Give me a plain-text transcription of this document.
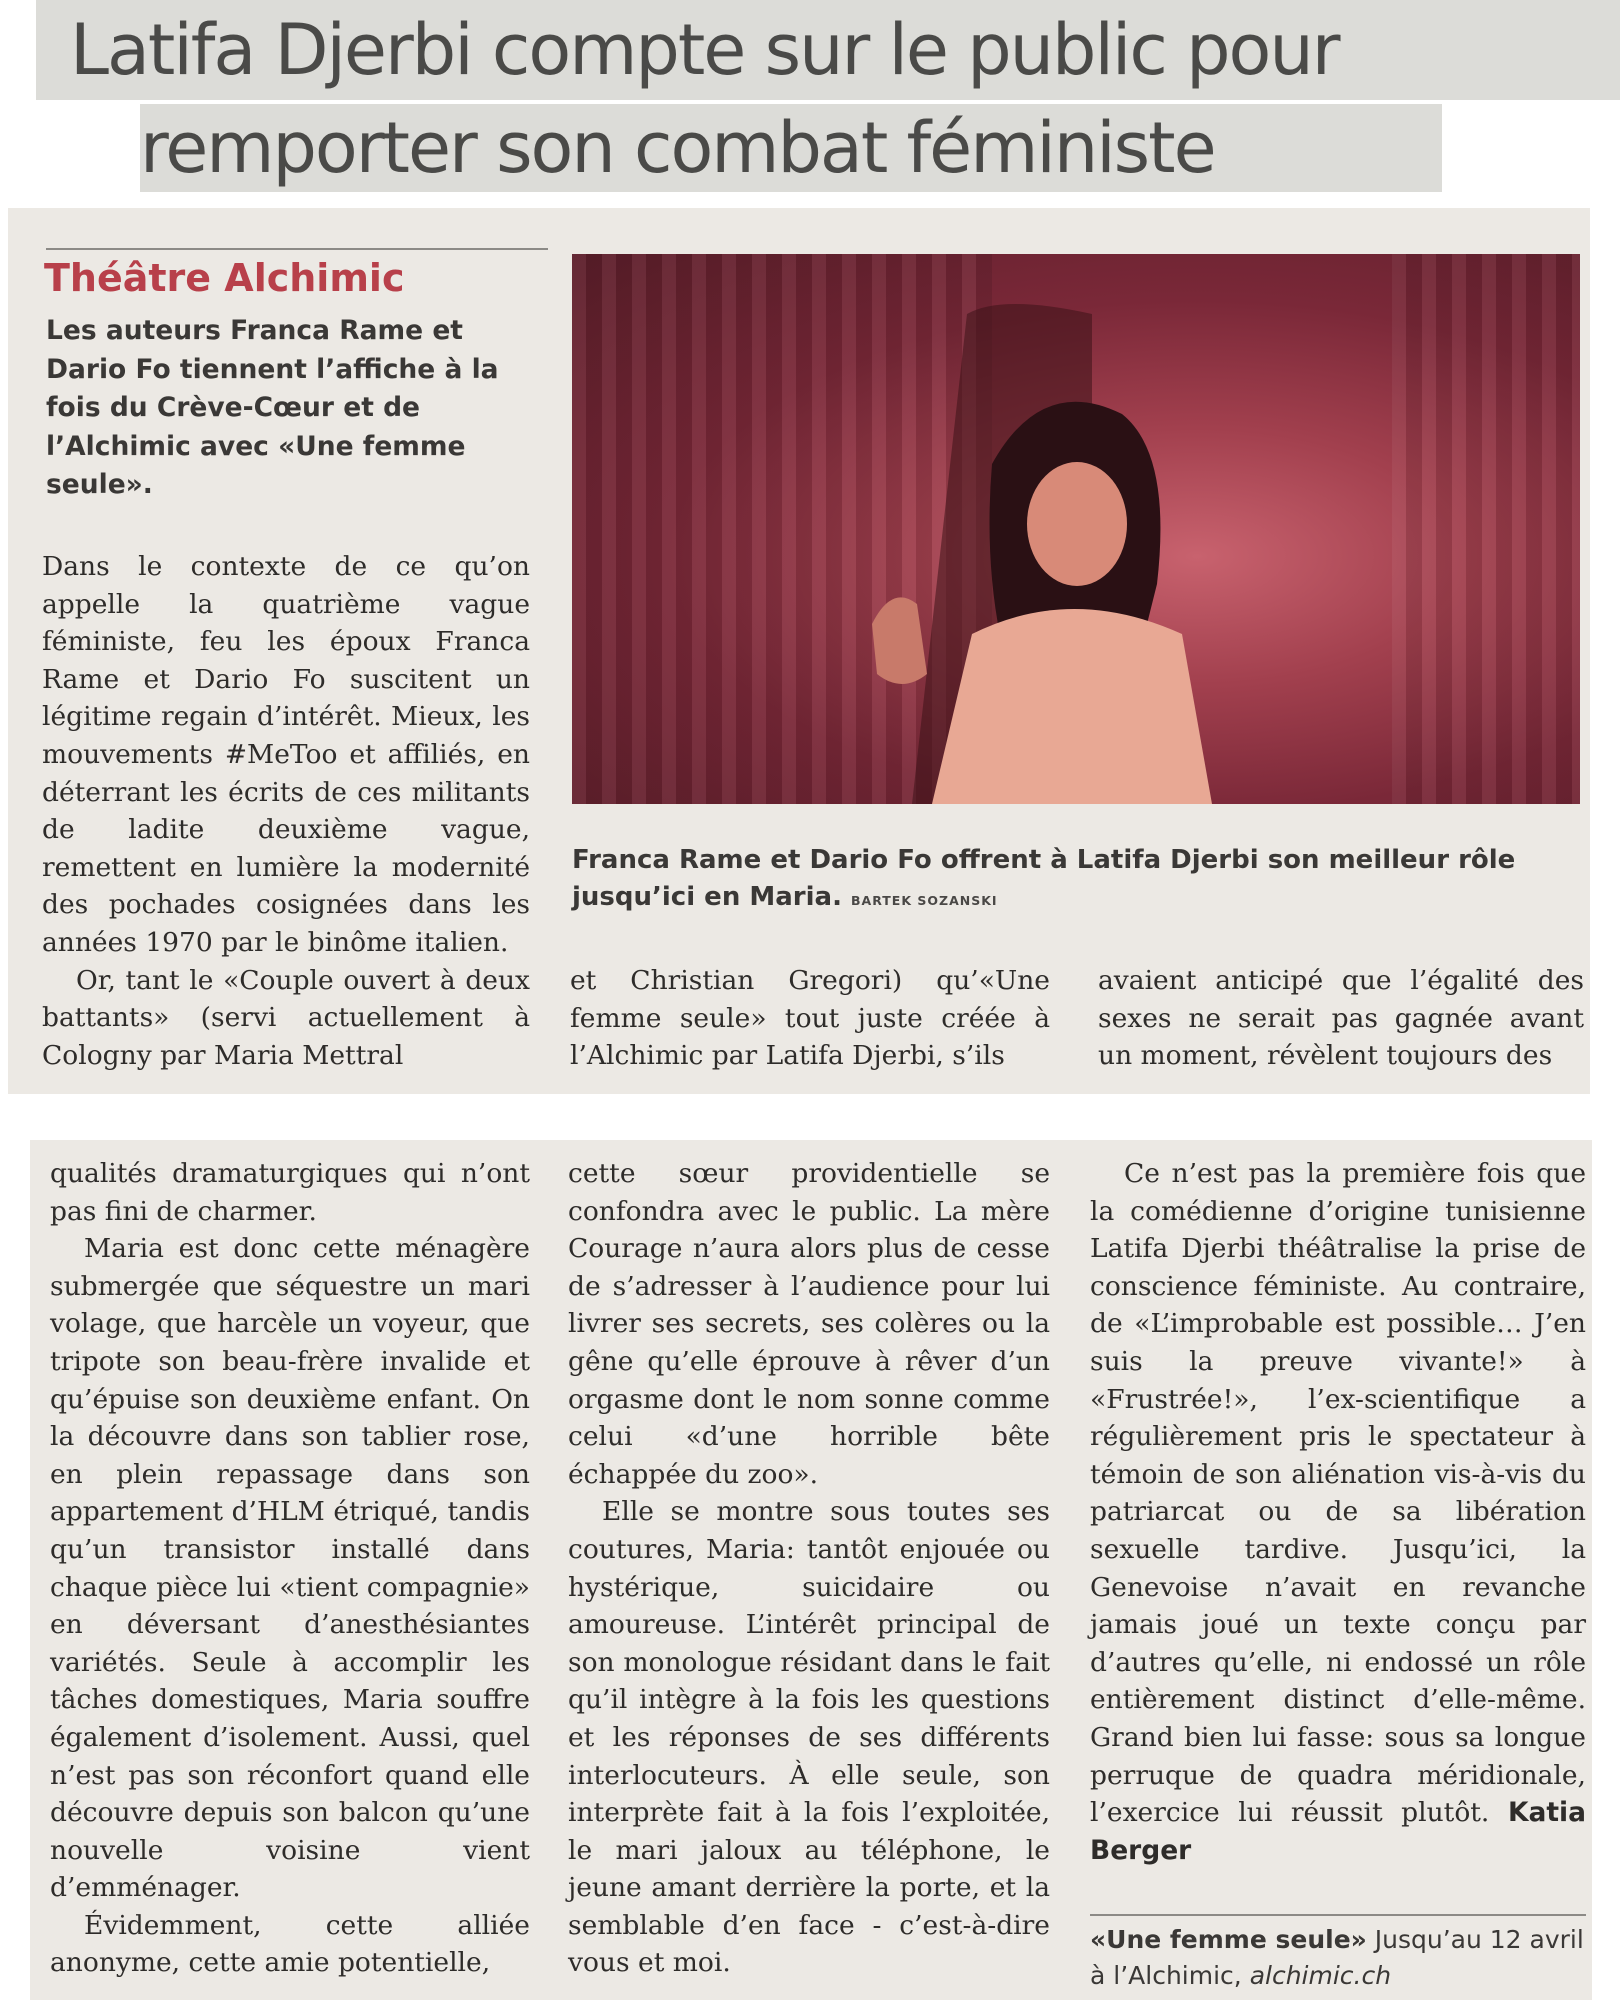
Latifa Djerbi compte sur le public pour
remporter son combat féministe
Théâtre Alchimic

Les auteurs Franca Rame et Dario Fo tiennent l’affiche à la fois du Crève-Cœur et de l’Alchimic avec «Une femme seule».

Dans le contexte de ce qu’on appelle la quatrième vague féministe, feu les époux Franca Rame et Dario Fo suscitent un légitime regain d’intérêt. Mieux, les mouvements #MeToo et affiliés, en déterrant les écrits de ces militants de ladite deuxième vague, remettent en lumière la modernité des pochades cosignées dans les années 1970 par le binôme italien.

Or, tant le «Couple ouvert à deux battants» (servi actuellement à Cologny par Maria Mettral

Franca Rame et Dario Fo offrent à Latifa Djerbi son meilleur rôle jusqu’ici en Maria. BARTEK SOZANSKI

et Christian Gregori) qu’«Une femme seule» tout juste créée à l’Alchimic par Latifa Djerbi, s’ils

avaient anticipé que l’égalité des sexes ne serait pas gagnée avant un moment, révèlent toujours des

qualités dramaturgiques qui n’ont pas fini de charmer.

Maria est donc cette ménagère submergée que séquestre un mari volage, que harcèle un voyeur, que tripote son beau-frère invalide et qu’épuise son deuxième enfant. On la découvre dans son tablier rose, en plein repassage dans son appartement d’HLM étriqué, tandis qu’un transistor installé dans chaque pièce lui «tient compagnie» en déversant d’anesthésiantes variétés. Seule à accomplir les tâches domestiques, Maria souffre également d’isolement. Aussi, quel n’est pas son réconfort quand elle découvre depuis son balcon qu’une nouvelle voisine vient d’emménager.

Évidemment, cette alliée anonyme, cette amie potentielle,

cette sœur providentielle se confondra avec le public. La mère Courage n’aura alors plus de cesse de s’adresser à l’audience pour lui livrer ses secrets, ses colères ou la gêne qu’elle éprouve à rêver d’un orgasme dont le nom sonne comme celui «d’une horrible bête échappée du zoo».

Elle se montre sous toutes ses coutures, Maria: tantôt enjouée ou hystérique, suicidaire ou amoureuse. L’intérêt principal de son monologue résidant dans le fait qu’il intègre à la fois les questions et les réponses de ses différents interlocuteurs. À elle seule, son interprète fait à la fois l’exploitée, le mari jaloux au téléphone, le jeune amant derrière la porte, et la semblable d’en face - c’est-à-dire vous et moi.

Ce n’est pas la première fois que la comédienne d’origine tunisienne Latifa Djerbi théâtralise la prise de conscience féministe. Au contraire, de «L’improbable est possible… J’en suis la preuve vivante!» à «Frustrée!», l’ex-scientifique a régulièrement pris le spectateur à témoin de son aliénation vis-à-vis du patriarcat ou de sa libération sexuelle tardive. Jusqu’ici, la Genevoise n’avait en revanche jamais joué un texte conçu par d’autres qu’elle, ni endossé un rôle entièrement distinct d’elle-même. Grand bien lui fasse: sous sa longue perruque de quadra méridionale, l’exercice lui réussit plutôt. Katia Berger

«Une femme seule» Jusqu’au 12 avril à l’Alchimic, alchimic.ch
